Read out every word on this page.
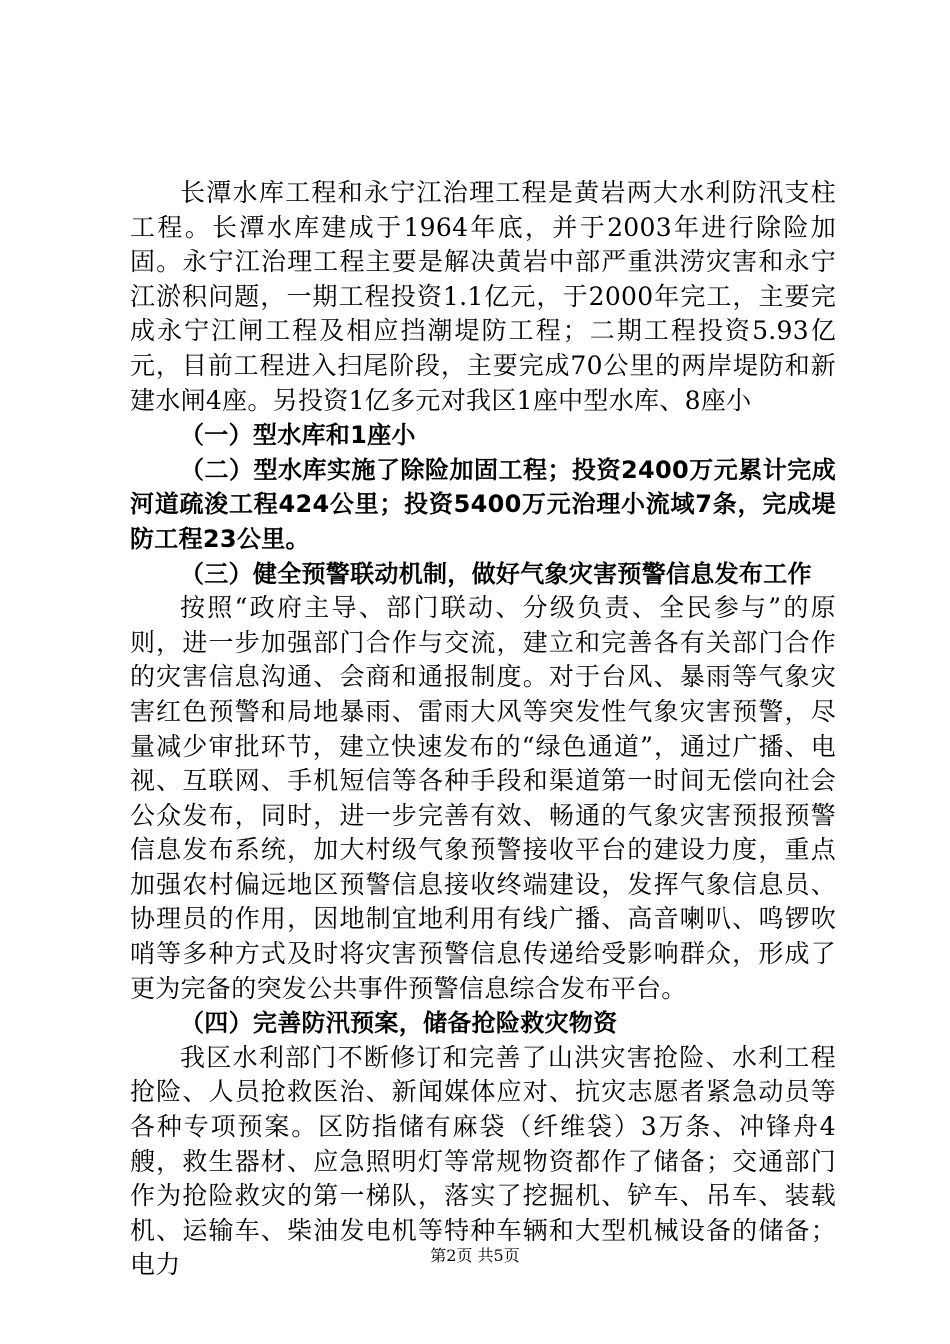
长潭水库工程和永宁江治理工程是黄岩两大水利防汛支柱工程。长潭水库建成于1964年底，并于2003年进行除险加固。永宁江治理工程主要是解决黄岩中部严重洪涝灾害和永宁江淤积问题，一期工程投资1.1亿元，于2000年完工，主要完成永宁江闸工程及相应挡潮堤防工程；二期工程投资5.93亿元，目前工程进入扫尾阶段，主要完成70公里的两岸堤防和新建水闸4座。另投资1亿多元对我区1座中型水库、8座小

（一）型水库和1座小

（二）型水库实施了除险加固工程；投资2400万元累计完成河道疏浚工程424公里；投资5400万元治理小流域7条，完成堤防工程23公里。

（三）健全预警联动机制，做好气象灾害预警信息发布工作

按照“政府主导、部门联动、分级负责、全民参与”的原则，进一步加强部门合作与交流，建立和完善各有关部门合作的灾害信息沟通、会商和通报制度。对于台风、暴雨等气象灾害红色预警和局地暴雨、雷雨大风等突发性气象灾害预警，尽量减少审批环节，建立快速发布的“绿色通道”，通过广播、电视、互联网、手机短信等各种手段和渠道第一时间无偿向社会公众发布，同时，进一步完善有效、畅通的气象灾害预报预警信息发布系统，加大村级气象预警接收平台的建设力度，重点加强农村偏远地区预警信息接收终端建设，发挥气象信息员、协理员的作用，因地制宜地利用有线广播、高音喇叭、鸣锣吹哨等多种方式及时将灾害预警信息传递给受影响群众，形成了更为完备的突发公共事件预警信息综合发布平台。

（四）完善防汛预案，储备抢险救灾物资

我区水利部门不断修订和完善了山洪灾害抢险、水利工程抢险、人员抢救医治、新闻媒体应对、抗灾志愿者紧急动员等各种专项预案。区防指储有麻袋（纤维袋）3万条、冲锋舟4艘，救生器材、应急照明灯等常规物资都作了储备；交通部门作为抢险救灾的第一梯队，落实了挖掘机、铲车、吊车、装载机、运输车、柴油发电机等特种车辆和大型机械设备的储备；电力	第2页 共5页
